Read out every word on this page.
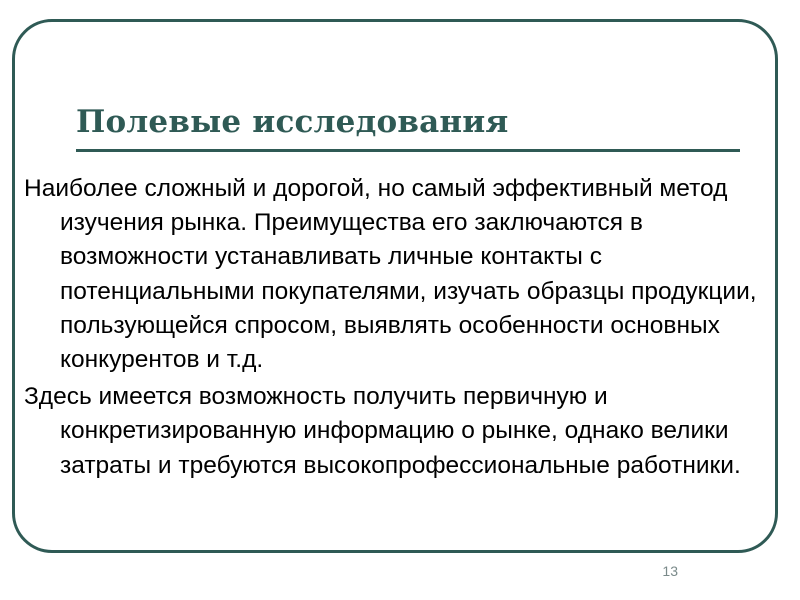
Полевые исследования

Наиболее сложный и дорогой, но самый эффективный метод изучения рынка. Преимущества его заключаются в возможности устанавливать личные контакты с потенциальными покупателями, изучать образцы продукции, пользующейся спросом, выявлять особенности основных конкурентов и т.д.

Здесь имеется возможность получить первичную и конкретизированную информацию о рынке, однако велики затраты и требуются высокопрофессиональные работники.

13
